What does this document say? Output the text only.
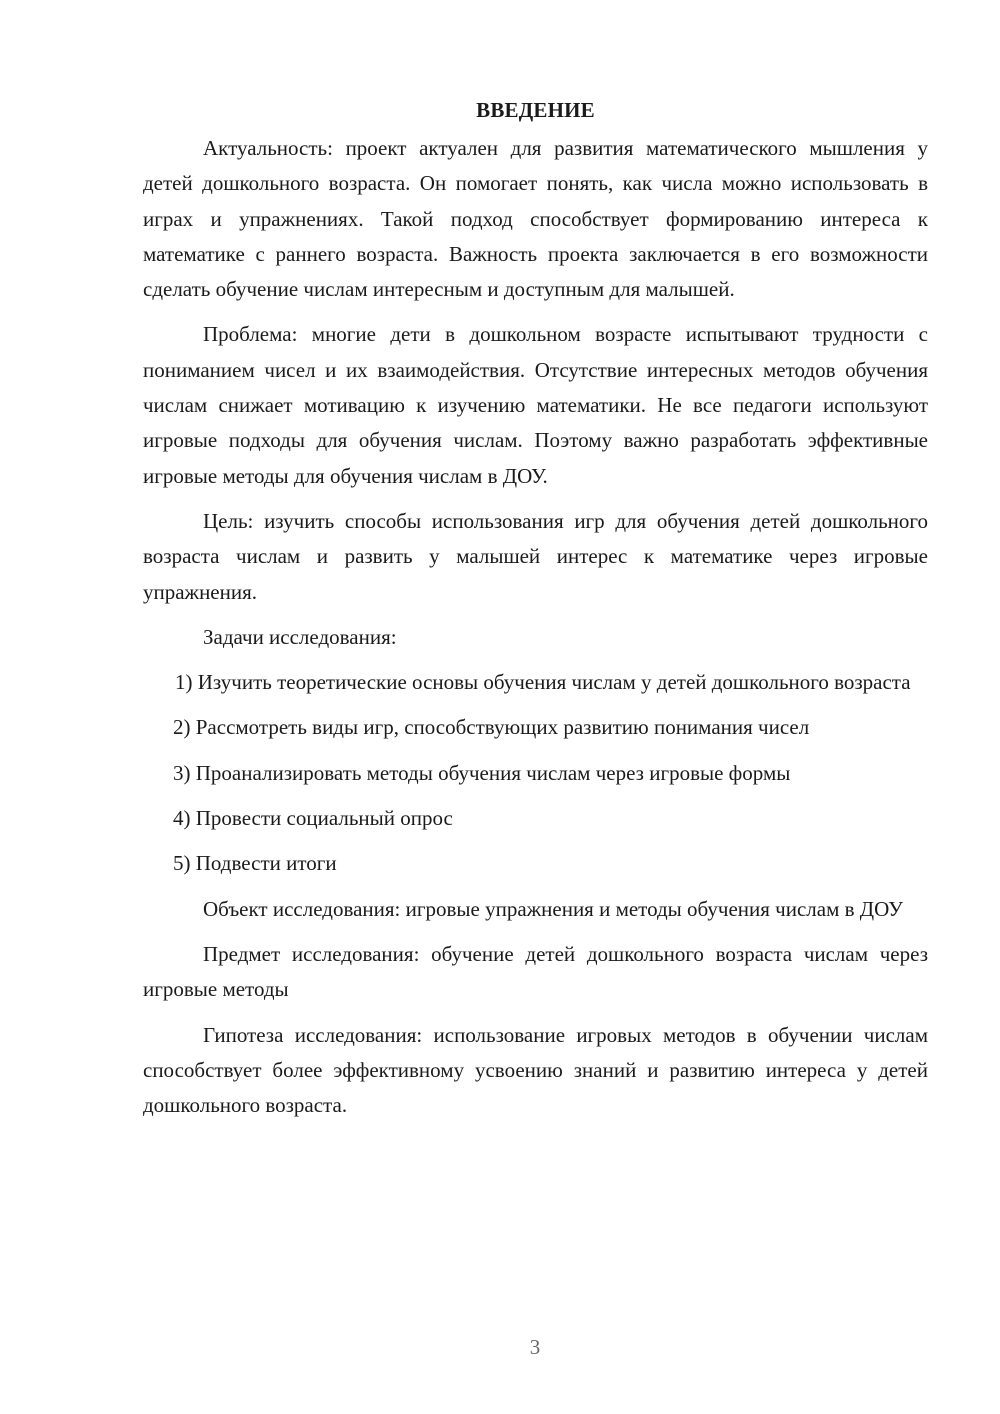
ВВЕДЕНИЕ

Актуальность: проект актуален для развития математического мышления у детей дошкольного возраста. Он помогает понять, как числа можно использовать в играх и упражнениях. Такой подход способствует формированию интереса к математике с раннего возраста. Важность проекта заключается в его возможности сделать обучение числам интересным и доступным для малышей.

Проблема: многие дети в дошкольном возрасте испытывают трудности с пониманием чисел и их взаимодействия. Отсутствие интересных методов обучения числам снижает мотивацию к изучению математики. Не все педагоги используют игровые подходы для обучения числам. Поэтому важно разработать эффективные игровые методы для обучения числам в ДОУ.

Цель: изучить способы использования игр для обучения детей дошкольного возраста числам и развить у малышей интерес к математике через игровые упражнения.

Задачи исследования:

1) Изучить теоретические основы обучения числам у детей дошкольного возраста

2) Рассмотреть виды игр, способствующих развитию понимания чисел

3) Проанализировать методы обучения числам через игровые формы

4) Провести социальный опрос

5) Подвести итоги

Объект исследования: игровые упражнения и методы обучения числам в ДОУ

Предмет исследования: обучение детей дошкольного возраста числам через игровые методы

Гипотеза исследования: использование игровых методов в обучении числам способствует более эффективному усвоению знаний и развитию интереса у детей дошкольного возраста.

3
